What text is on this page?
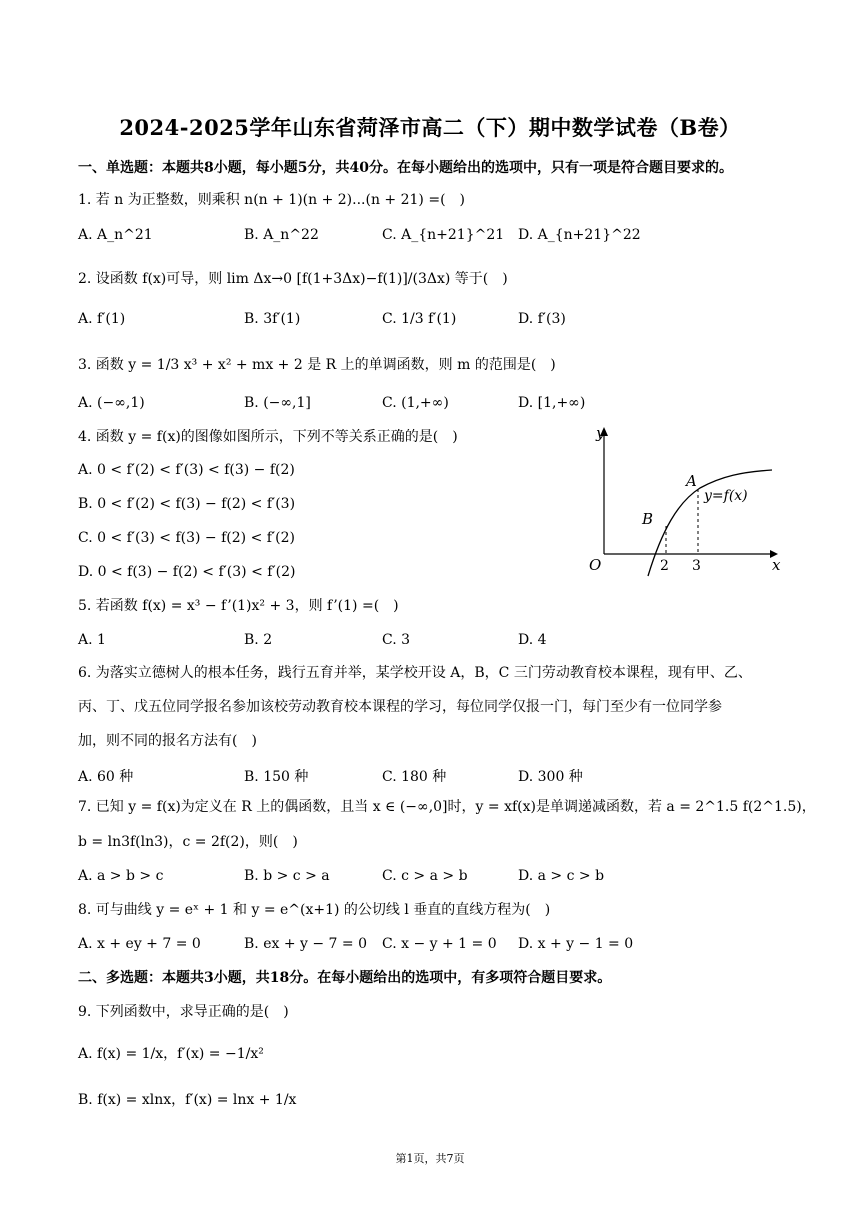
2024-2025学年山东省菏泽市高二（下）期中数学试卷（B卷）
一、单选题：本题共8小题，每小题5分，共40分。在每小题给出的选项中，只有一项是符合题目要求的。
1. 若 n 为正整数，则乘积 n(n + 1)(n + 2)...(n + 21) =(　)
A. A_n^21	B. A_n^22	C. A_{n+21}^21 D. A_{n+21}^22
2. 设函数 f(x)可导，则 lim Δx→0 [f(1+3Δx)−f(1)]/(3Δx) 等于(　)
A. f′(1)	B. 3f′(1)	C. 1/3 f′(1)	D. f′(3)
3. 函数 y = 1/3 x³ + x² + mx + 2 是 R 上的单调函数，则 m 的范围是(　)
A. (−∞,1)	B. (−∞,1]	C. (1,+∞)	D. [1,+∞)
4. 函数 y = f(x)的图像如图所示，下列不等关系正确的是(　)
A. 0 < f′(2) < f′(3) < f(3) − f(2)
B. 0 < f′(2) < f(3) − f(2) < f′(3)
C. 0 < f′(3) < f(3) − f(2) < f′(2)
D. 0 < f(3) − f(2) < f′(3) < f′(2)
y
x
O
A
B
y=f(x)
2 3
5. 若函数 f(x) = x³ − f’(1)x² + 3，则 f’(1) =(　)
A. 1	B. 2	C. 3	D. 4
6. 为落实立德树人的根本任务，践行五育并举，某学校开设 A，B，C 三门劳动教育校本课程，现有甲、乙、
丙、丁、戊五位同学报名参加该校劳动教育校本课程的学习，每位同学仅报一门，每门至少有一位同学参
加，则不同的报名方法有(　)
A. 60 种	B. 150 种	C. 180 种	D. 300 种
7. 已知 y = f(x)为定义在 R 上的偶函数，且当 x ∈ (−∞,0]时，y = xf(x)是单调递减函数，若 a = 2^1.5 f(2^1.5)，
b = ln3f(ln3)，c = 2f(2)，则(　)
A. a > b > c	B. b > c > a	C. c > a > b	D. a > c > b
8. 可与曲线 y = eˣ + 1 和 y = e^(x+1) 的公切线 l 垂直的直线方程为(　)
A. x + ey + 7 = 0	B. ex + y − 7 = 0 C. x − y + 1 = 0 D. x + y − 1 = 0
二、多选题：本题共3小题，共18分。在每小题给出的选项中，有多项符合题目要求。
9. 下列函数中，求导正确的是(　)
A. f(x) = 1/x，f′(x) = −1/x²
B. f(x) = xlnx，f′(x) = lnx + 1/x
第1页，共7页
